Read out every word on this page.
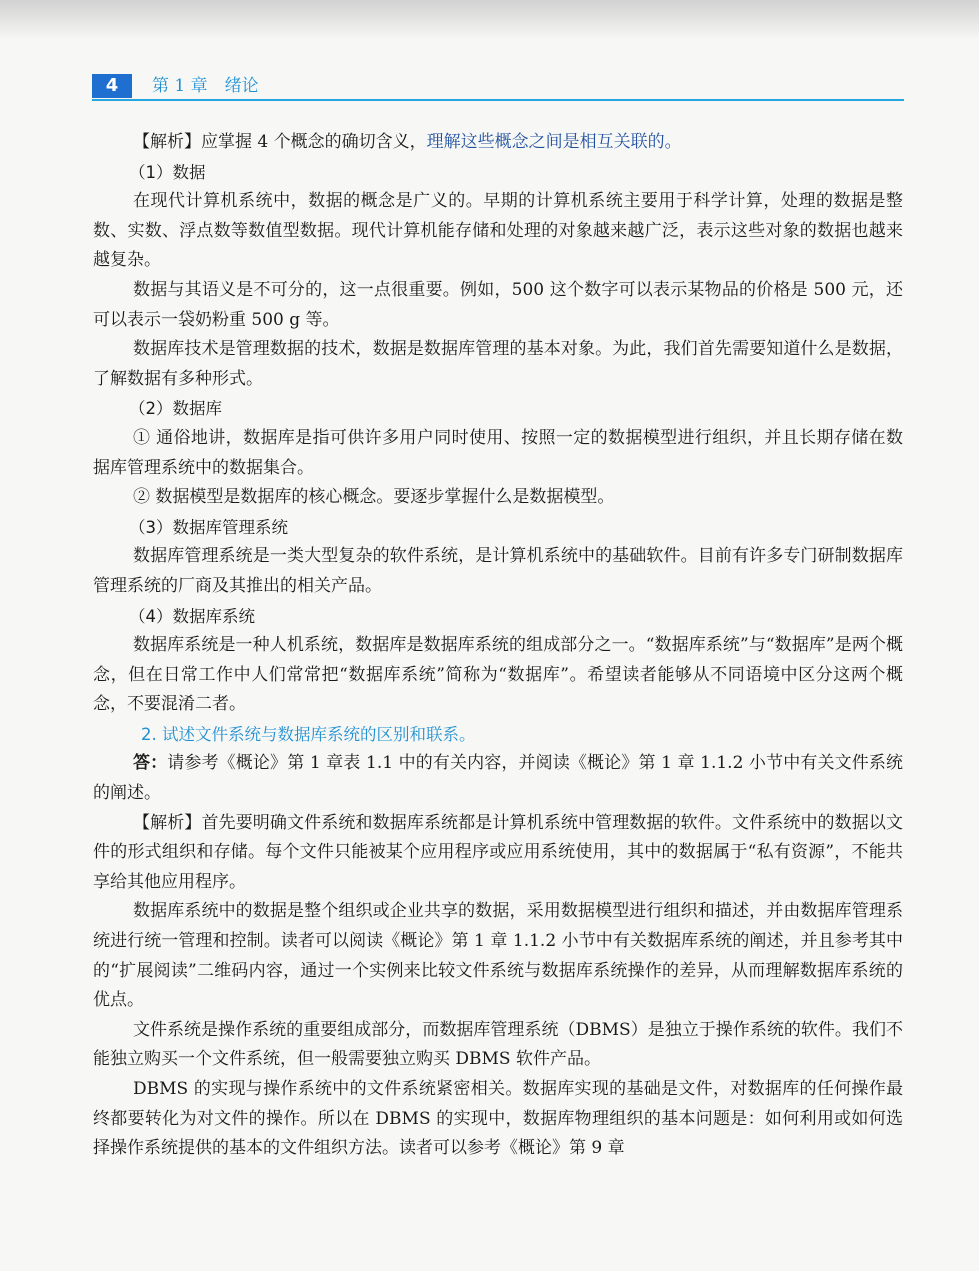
4	第 1 章　绪论

【解析】应掌握 4 个概念的确切含义，理解这些概念之间是相互关联的。

（1）数据

在现代计算机系统中，数据的概念是广义的。早期的计算机系统主要用于科学计算，处理的数据是整数、实数、浮点数等数值型数据。现代计算机能存储和处理的对象越来越广泛，表示这些对象的数据也越来越复杂。

数据与其语义是不可分的，这一点很重要。例如，500 这个数字可以表示某物品的价格是 500 元，还可以表示一袋奶粉重 500 g 等。

数据库技术是管理数据的技术，数据是数据库管理的基本对象。为此，我们首先需要知道什么是数据，了解数据有多种形式。

（2）数据库

① 通俗地讲，数据库是指可供许多用户同时使用、按照一定的数据模型进行组织，并且长期存储在数据库管理系统中的数据集合。

② 数据模型是数据库的核心概念。要逐步掌握什么是数据模型。

（3）数据库管理系统

数据库管理系统是一类大型复杂的软件系统，是计算机系统中的基础软件。目前有许多专门研制数据库管理系统的厂商及其推出的相关产品。

（4）数据库系统

数据库系统是一种人机系统，数据库是数据库系统的组成部分之一。“数据库系统”与“数据库”是两个概念，但在日常工作中人们常常把“数据库系统”简称为“数据库”。希望读者能够从不同语境中区分这两个概念，不要混淆二者。

2. 试述文件系统与数据库系统的区别和联系。

答：请参考《概论》第 1 章表 1.1 中的有关内容，并阅读《概论》第 1 章 1.1.2 小节中有关文件系统的阐述。

【解析】首先要明确文件系统和数据库系统都是计算机系统中管理数据的软件。文件系统中的数据以文件的形式组织和存储。每个文件只能被某个应用程序或应用系统使用，其中的数据属于“私有资源”，不能共享给其他应用程序。

数据库系统中的数据是整个组织或企业共享的数据，采用数据模型进行组织和描述，并由数据库管理系统进行统一管理和控制。读者可以阅读《概论》第 1 章 1.1.2 小节中有关数据库系统的阐述，并且参考其中的“扩展阅读”二维码内容，通过一个实例来比较文件系统与数据库系统操作的差异，从而理解数据库系统的优点。

文件系统是操作系统的重要组成部分，而数据库管理系统（DBMS）是独立于操作系统的软件。我们不能独立购买一个文件系统，但一般需要独立购买 DBMS 软件产品。

DBMS 的实现与操作系统中的文件系统紧密相关。数据库实现的基础是文件，对数据库的任何操作最终都要转化为对文件的操作。所以在 DBMS 的实现中，数据库物理组织的基本问题是：如何利用或如何选择操作系统提供的基本的文件组织方法。读者可以参考《概论》第 9 章
